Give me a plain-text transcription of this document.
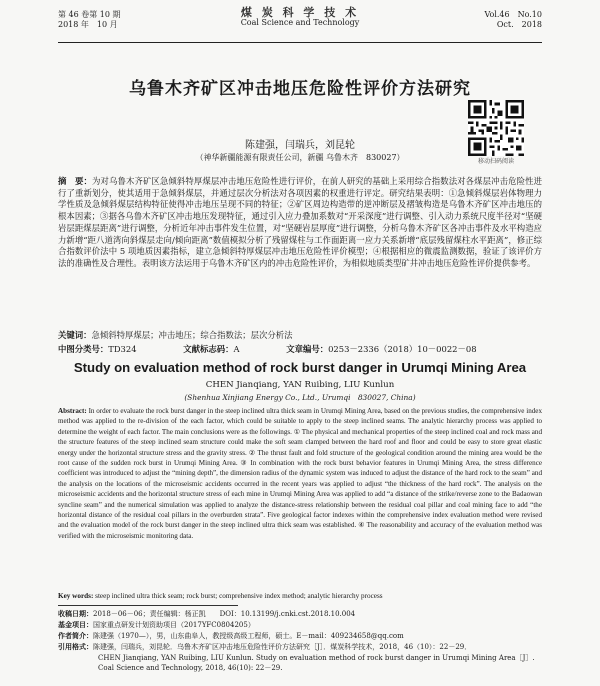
第 46 卷第 10 期
2018 年　10 月
煤 炭 科 学 技 术
Coal Science and Technology
Vol.46　No.10
Oct.　2018
乌鲁木齐矿区冲击地压危险性评价方法研究
陈建强，闫瑞兵，刘昆轮
（神华新疆能源有限责任公司，新疆 乌鲁木齐　830027）	移动扫码阅读
摘　要：为对乌鲁木齐矿区急倾斜特厚煤层冲击地压危险性进行评价，在前人研究的基础上采用综合指数法对各煤层冲击危险性进行了重新划分，使其适用于急倾斜煤层，并通过层次分析法对各项因素的权重进行评定。研究结果表明：①急倾斜煤层岩体物理力学性质及急倾斜煤层结构特征使得冲击地压呈现不同的特征；②矿区周边构造带的逆冲断层及褶皱构造是乌鲁木齐矿区冲击地压的根本因素；③据各乌鲁木齐矿区冲击地压发现特征，通过引入应力叠加系数对“开采深度”进行调整、引入动力系统尺度半径对“坚硬岩层距煤层距离”进行调整，分析近年冲击事件发生位置，对“坚硬岩层厚度”进行调整，分析乌鲁木齐矿区各冲击事件及水平构造应力新增“距八道湾向斜煤层走向/倾向距离”数值模拟分析了残留煤柱与工作面距离一应力关系新增“底层残留煤柱水平距离”，修正综合指数评价法中 5 项地质因素指标，建立急倾斜特厚煤层冲击地压危险性评价模型；④根据相应的微震监测数据，验证了该评价方法的准确性及合理性。表明该方法运用于乌鲁木齐矿区内的冲击危险性评价，为相似地质类型矿井冲击地压危险性评价提供参考。
关键词：急倾斜特厚煤层；冲击地压；综合指数法；层次分析法
中图分类号：TD324	文献标志码：A	文章编号：0253－2336（2018）10－0022－08
Study on evaluation method of rock burst danger in Urumqi Mining Area
CHEN Jianqiang, YAN Ruibing, LIU Kunlun
(Shenhua Xinjiang Energy Co., Ltd., Urumqi　830027, China)
Abstract: In order to evaluate the rock burst danger in the steep inclined ultra thick seam in Urumqi Mining Area, based on the previous studies, the comprehensive index method was applied to the re-division of the each factor, which could be suitable to apply to the steep inclined seams. The analytic hierarchy process was applied to determine the weight of each factor. The main conclusions were as the followings. ① The physical and mechanical properties of the steep inclined coal and rock mass and the structure features of the steep inclined seam structure could make the soft seam clamped between the hard roof and floor and could be easy to store great elastic energy under the horizontal structure stress and the gravity stress. ② The thrust fault and fold structure of the geological condition around the mining area would be the root cause of the sudden rock burst in Urumqi Mining Area. ③ In combination with the rock burst behavior features in Urumqi Mining Area, the stress difference coefficient was introduced to adjust the “mining depth”, the dimension radius of the dynamic system was induced to adjust the distance of the hard rock to the seam” and the analysis on the locations of the microseismic accidents occurred in the recent years was applied to adjust “the thickness of the hard rock”. The analysis on the microseismic accidents and the horizontal structure stress of each mine in Urumqi Mining Area was applied to add “a distance of the strike/reverse zone to the Badaowan syncline seam” and the numerical simulation was applied to analyze the distance-stress relationship between the residual coal pillar and coal mining face to add “the horizontal distance of the residual coal pillars in the overburden strata”. Five geological factor indexes within the comprehensive index evaluation method were revised and the evaluation model of the rock burst danger in the steep inclined ultra thick seam was established. ④ The reasonability and accuracy of the evaluation method was verified with the microseismic monitoring data.
Key words: steep inclined ultra thick seam; rock burst; comprehensive index method; analytic hierarchy process
收稿日期：2018－06－06；责任编辑：杨正凯　　DOI：10.13199/j.cnki.cst.2018.10.004
基金项目：国家重点研发计划资助项目（2017YFC0804205）
作者简介：陈建强（1970—），男，山东曲阜人，教授级高级工程师，硕士。E－mail：409234658@qq.com
引用格式：陈建强，闫瑞兵，刘昆轮．乌鲁木齐矿区冲击地压危险性评价方法研究［J］．煤炭科学技术，2018，46（10）：22－29．
CHEN Jianqiang, YAN Ruibing, LIU Kunlun. Study on evaluation method of rock burst danger in Urumqi Mining Area［J］. Coal Science and Technology, 2018, 46(10): 22－29.
